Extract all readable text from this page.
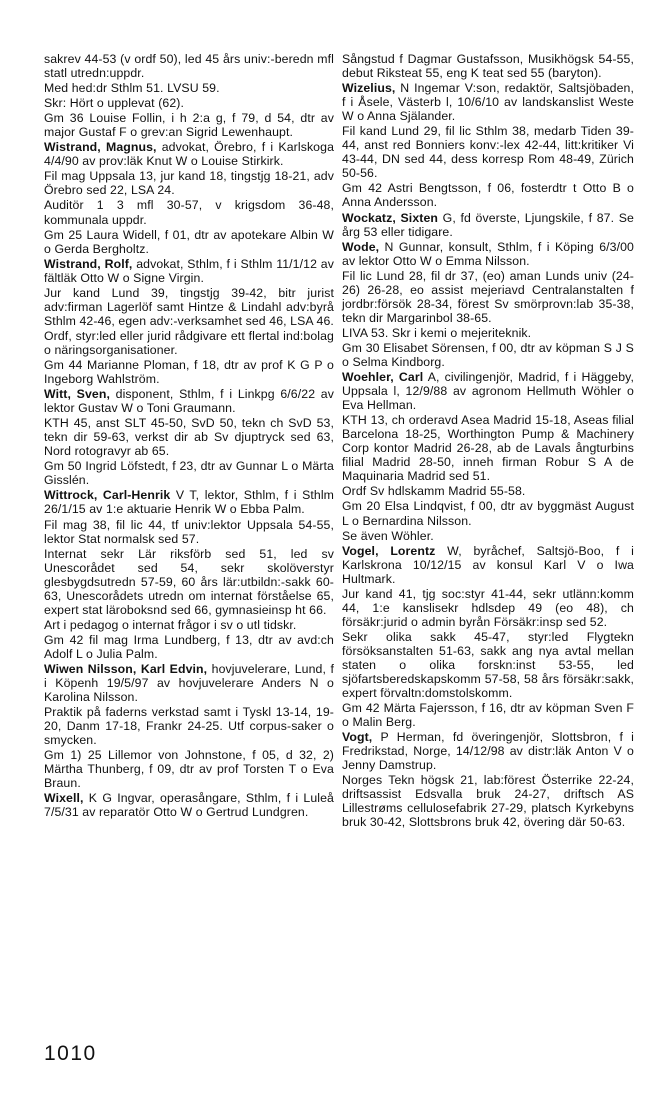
sakrev 44-53 (v ordf 50), led 45 års univ:-beredn mfl statl utredn:uppdr.

Med hed:dr Sthlm 51. LVSU 59.

Skr: Hört o upplevat (62).

Gm 36 Louise Follin, i h 2:a g, f 79, d 54, dtr av major Gustaf F o grev:an Sigrid Lewenhaupt.

Wistrand, Magnus, advokat, Örebro, f i Karlskoga 4/4/90 av prov:läk Knut W o Louise Stirkirk.

Fil mag Uppsala 13, jur kand 18, tingstjg 18-21, adv Örebro sed 22, LSA 24.

Auditör 1 3 mfl 30-57, v krigsdom 36-48, kommunala uppdr.

Gm 25 Laura Widell, f 01, dtr av apotekare Albin W o Gerda Bergholtz.

Wistrand, Rolf, advokat, Sthlm, f i Sthlm 11/1/12 av fältläk Otto W o Signe Virgin.

Jur kand Lund 39, tingstjg 39-42, bitr jurist adv:firman Lagerlöf samt Hintze & Lindahl adv:byrå Sthlm 42-46, egen adv:-verksamhet sed 46, LSA 46.

Ordf, styr:led eller jurid rådgivare ett flertal ind:bolag o näringsorganisationer.

Gm 44 Marianne Ploman, f 18, dtr av prof K G P o Ingeborg Wahlström.

Witt, Sven, disponent, Sthlm, f i Linkpg 6/6/22 av lektor Gustav W o Toni Graumann.

KTH 45, anst SLT 45-50, SvD 50, tekn ch SvD 53, tekn dir 59-63, verkst dir ab Sv djuptryck sed 63, Nord rotogravyr ab 65.

Gm 50 Ingrid Löfstedt, f 23, dtr av Gunnar L o Märta Gisslén.

Wittrock, Carl-Henrik V T, lektor, Sthlm, f i Sthlm 26/1/15 av 1:e aktuarie Henrik W o Ebba Palm.

Fil mag 38, fil lic 44, tf univ:lektor Uppsala 54-55, lektor Stat normalsk sed 57.

Internat sekr Lär riksförb sed 51, led sv Unescorådet sed 54, sekr skolöverstyr glesbygdsutredn 57-59, 60 års lär:utbildn:-sakk 60-63, Unescorådets utredn om internat förståelse 65, expert stat läroboksnd sed 66, gymnasieinsp ht 66.

Art i pedagog o internat frågor i sv o utl tidskr.

Gm 42 fil mag Irma Lundberg, f 13, dtr av avd:ch Adolf L o Julia Palm.

Wiwen Nilsson, Karl Edvin, hovjuvelerare, Lund, f i Köpenh 19/5/97 av hovjuvelerare Anders N o Karolina Nilsson.

Praktik på faderns verkstad samt i Tyskl 13-14, 19-20, Danm 17-18, Frankr 24-25. Utf corpus-saker o smycken.

Gm 1) 25 Lillemor von Johnstone, f 05, d 32, 2) Märtha Thunberg, f 09, dtr av prof Torsten T o Eva Braun.

Wixell, K G Ingvar, operasångare, Sthlm, f i Luleå 7/5/31 av reparatör Otto W o Gertrud Lundgren.

Sångstud f Dagmar Gustafsson, Musikhögsk 54-55, debut Riksteat 55, eng K teat sed 55 (baryton).

Wizelius, N Ingemar V:son, redaktör, Saltsjöbaden, f i Åsele, Västerb l, 10/6/10 av landskanslist Weste W o Anna Själander.

Fil kand Lund 29, fil lic Sthlm 38, medarb Tiden 39-44, anst red Bonniers konv:-lex 42-44, litt:kritiker Vi 43-44, DN sed 44, dess korresp Rom 48-49, Zürich 50-56.

Gm 42 Astri Bengtsson, f 06, fosterdtr t Otto B o Anna Andersson.

Wockatz, Sixten G, fd överste, Ljungskile, f 87. Se årg 53 eller tidigare.

Wode, N Gunnar, konsult, Sthlm, f i Köping 6/3/00 av lektor Otto W o Emma Nilsson.

Fil lic Lund 28, fil dr 37, (eo) aman Lunds univ (24-26) 26-28, eo assist mejeriavd Centralanstalten f jordbr:försök 28-34, förest Sv smörprovn:lab 35-38, tekn dir Margarinbol 38-65.

LIVA 53. Skr i kemi o mejeriteknik.

Gm 30 Elisabet Sörensen, f 00, dtr av köpman S J S o Selma Kindborg.

Woehler, Carl A, civilingenjör, Madrid, f i Häggeby, Uppsala l, 12/9/88 av agronom Hellmuth Wöhler o Eva Hellman.

KTH 13, ch orderavd Asea Madrid 15-18, Aseas filial Barcelona 18-25, Worthington Pump & Machinery Corp kontor Madrid 26-28, ab de Lavals ångturbins filial Madrid 28-50, inneh firman Robur S A de Maquinaria Madrid sed 51.

Ordf Sv hdlskamm Madrid 55-58.

Gm 20 Elsa Lindqvist, f 00, dtr av byggmäst August L o Bernardina Nilsson.

Se även Wöhler.

Vogel, Lorentz W, byråchef, Saltsjö-Boo, f i Karlskrona 10/12/15 av konsul Karl V o Iwa Hultmark.

Jur kand 41, tjg soc:styr 41-44, sekr utlänn:komm 44, 1:e kanslisekr hdlsdep 49 (eo 48), ch försäkr:jurid o admin byrån Försäkr:insp sed 52.

Sekr olika sakk 45-47, styr:led Flygtekn försöksanstalten 51-63, sakk ang nya avtal mellan staten o olika forskn:inst 53-55, led sjöfartsberedskapskomm 57-58, 58 års försäkr:sakk, expert förvaltn:domstolskomm.

Gm 42 Märta Fajersson, f 16, dtr av köpman Sven F o Malin Berg.

Vogt, P Herman, fd överingenjör, Slottsbron, f i Fredrikstad, Norge, 14/12/98 av distr:läk Anton V o Jenny Damstrup.

Norges Tekn högsk 21, lab:förest Österrike 22-24, driftsassist Edsvalla bruk 24-27, driftsch AS Lillestrøms cellulosefabrik 27-29, platsch Kyrkebyns bruk 30-42, Slottsbrons bruk 42, övering där 50-63.

1010
